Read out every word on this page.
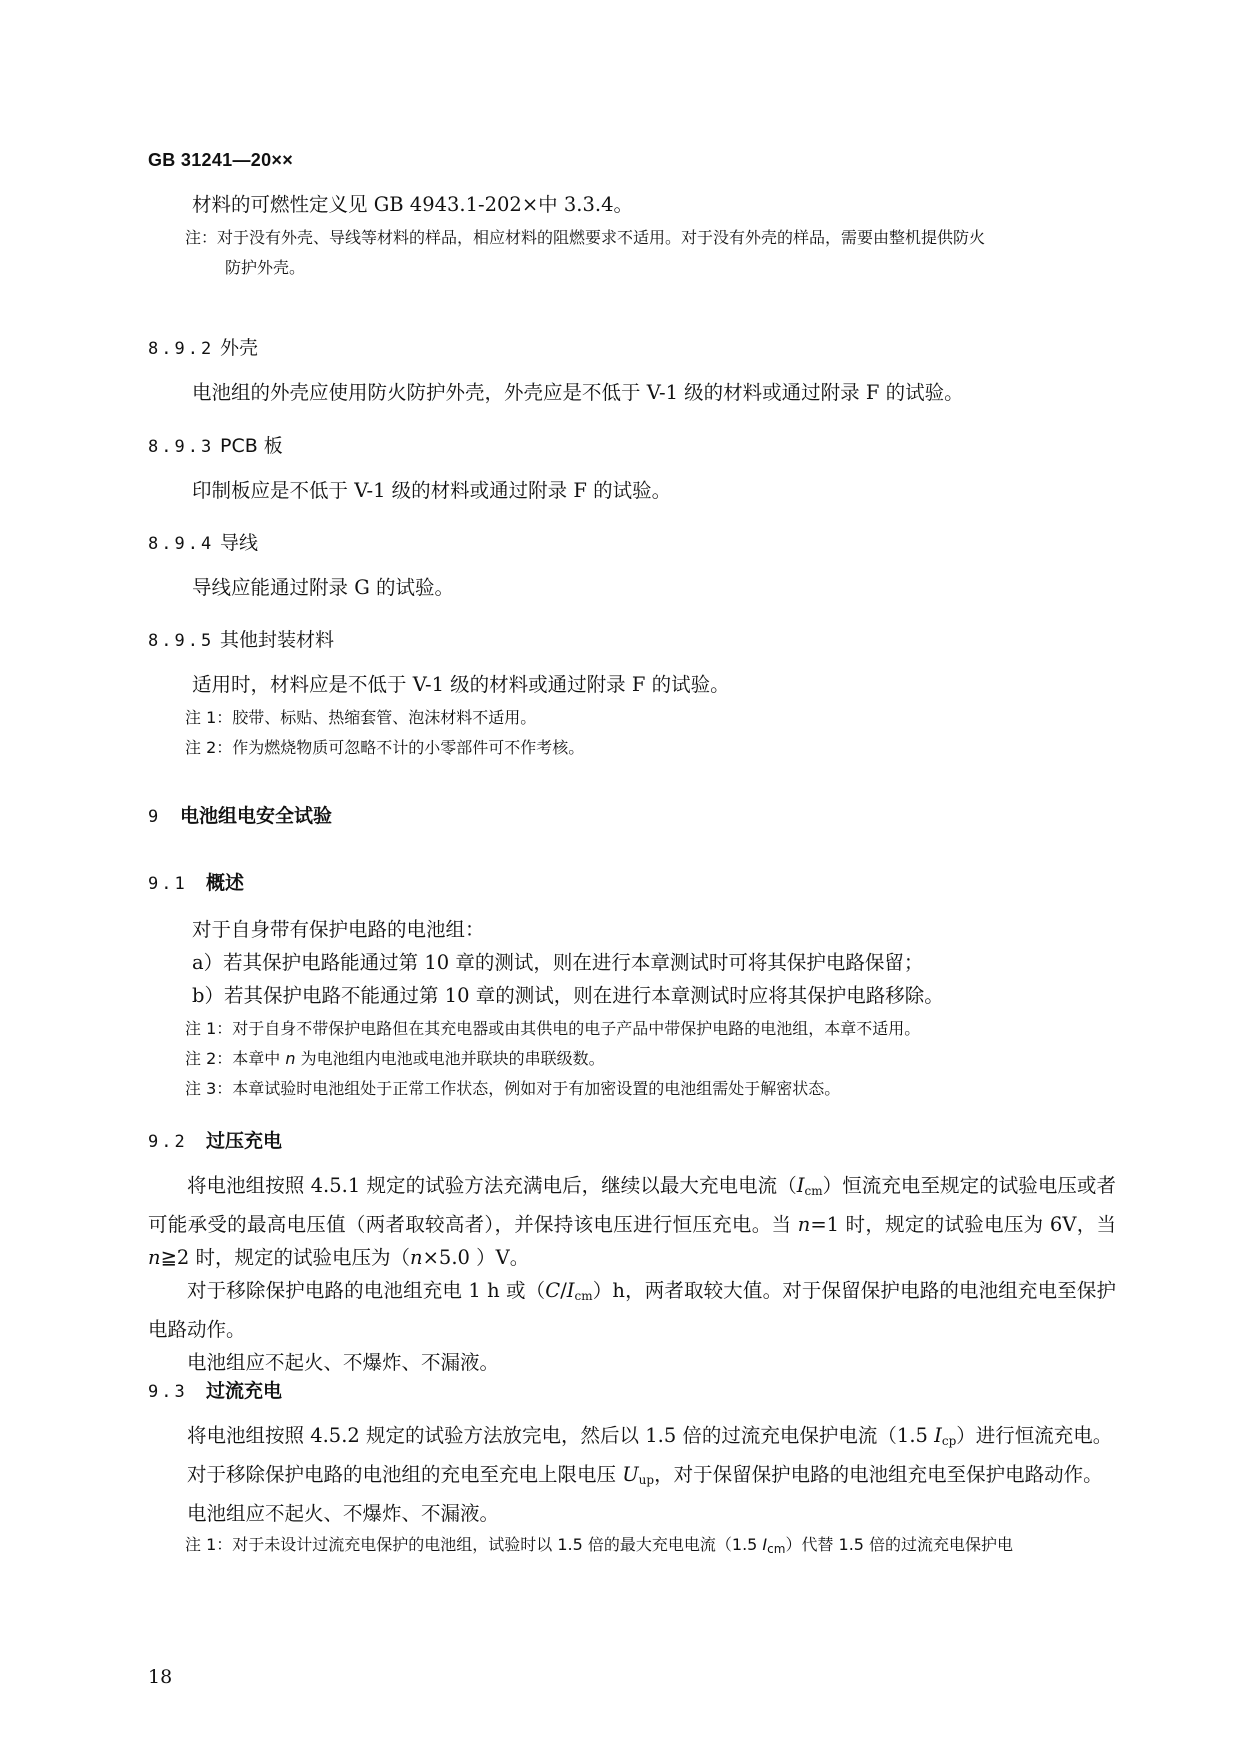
GB 31241—20××

材料的可燃性定义见 GB 4943.1-202×中 3.3.4。

注：对于没有外壳、导线等材料的样品，相应材料的阻燃要求不适用。对于没有外壳的样品，需要由整机提供防火
防护外壳。

8.9.2 外壳

电池组的外壳应使用防火防护外壳，外壳应是不低于 V-1 级的材料或通过附录 F 的试验。

8.9.3 PCB 板

印制板应是不低于 V-1 级的材料或通过附录 F 的试验。

8.9.4 导线

导线应能通过附录 G 的试验。

8.9.5 其他封装材料

适用时，材料应是不低于 V-1 级的材料或通过附录 F 的试验。

注 1：胶带、标贴、热缩套管、泡沫材料不适用。

注 2：作为燃烧物质可忽略不计的小零部件可不作考核。

9 电池组电安全试验

9.1 概述

对于自身带有保护电路的电池组：

a）若其保护电路能通过第 10 章的测试，则在进行本章测试时可将其保护电路保留；

b）若其保护电路不能通过第 10 章的测试，则在进行本章测试时应将其保护电路移除。

注 1：对于自身不带保护电路但在其充电器或由其供电的电子产品中带保护电路的电池组，本章不适用。

注 2：本章中 n 为电池组内电池或电池并联块的串联级数。

注 3：本章试验时电池组处于正常工作状态，例如对于有加密设置的电池组需处于解密状态。

9.2 过压充电

将电池组按照 4.5.1 规定的试验方法充满电后，继续以最大充电电流$(I_{cm})$恒流充电至规定的试验电压或者可能承受的最高电压值（两者取较高者），并保持该电压进行恒压充电。当 n=1 时，规定的试验电压为 6V，当 n≧2 时，规定的试验电压为（n×5.0 ）V。

对于移除保护电路的电池组充电 1 h 或$(C/I_{cm})h$，两者取较大值。对于保留保护电路的电池组充电至保护电路动作。

电池组应不起火、不爆炸、不漏液。

9.3 过流充电

将电池组按照 4.5.2 规定的试验方法放完电，然后以 1.5 倍的过流充电保护电流（1.5 $I_{cp}$）进行恒流充电。

对于移除保护电路的电池组的充电至充电上限电压 $U_{up}$，对于保留保护电路的电池组充电至保护电路动作。

电池组应不起火、不爆炸、不漏液。

注 1：对于未设计过流充电保护的电池组，试验时以 1.5 倍的最大充电电流（1.5 $I_{cm}$）代替 1.5 倍的过流充电保护电

18
